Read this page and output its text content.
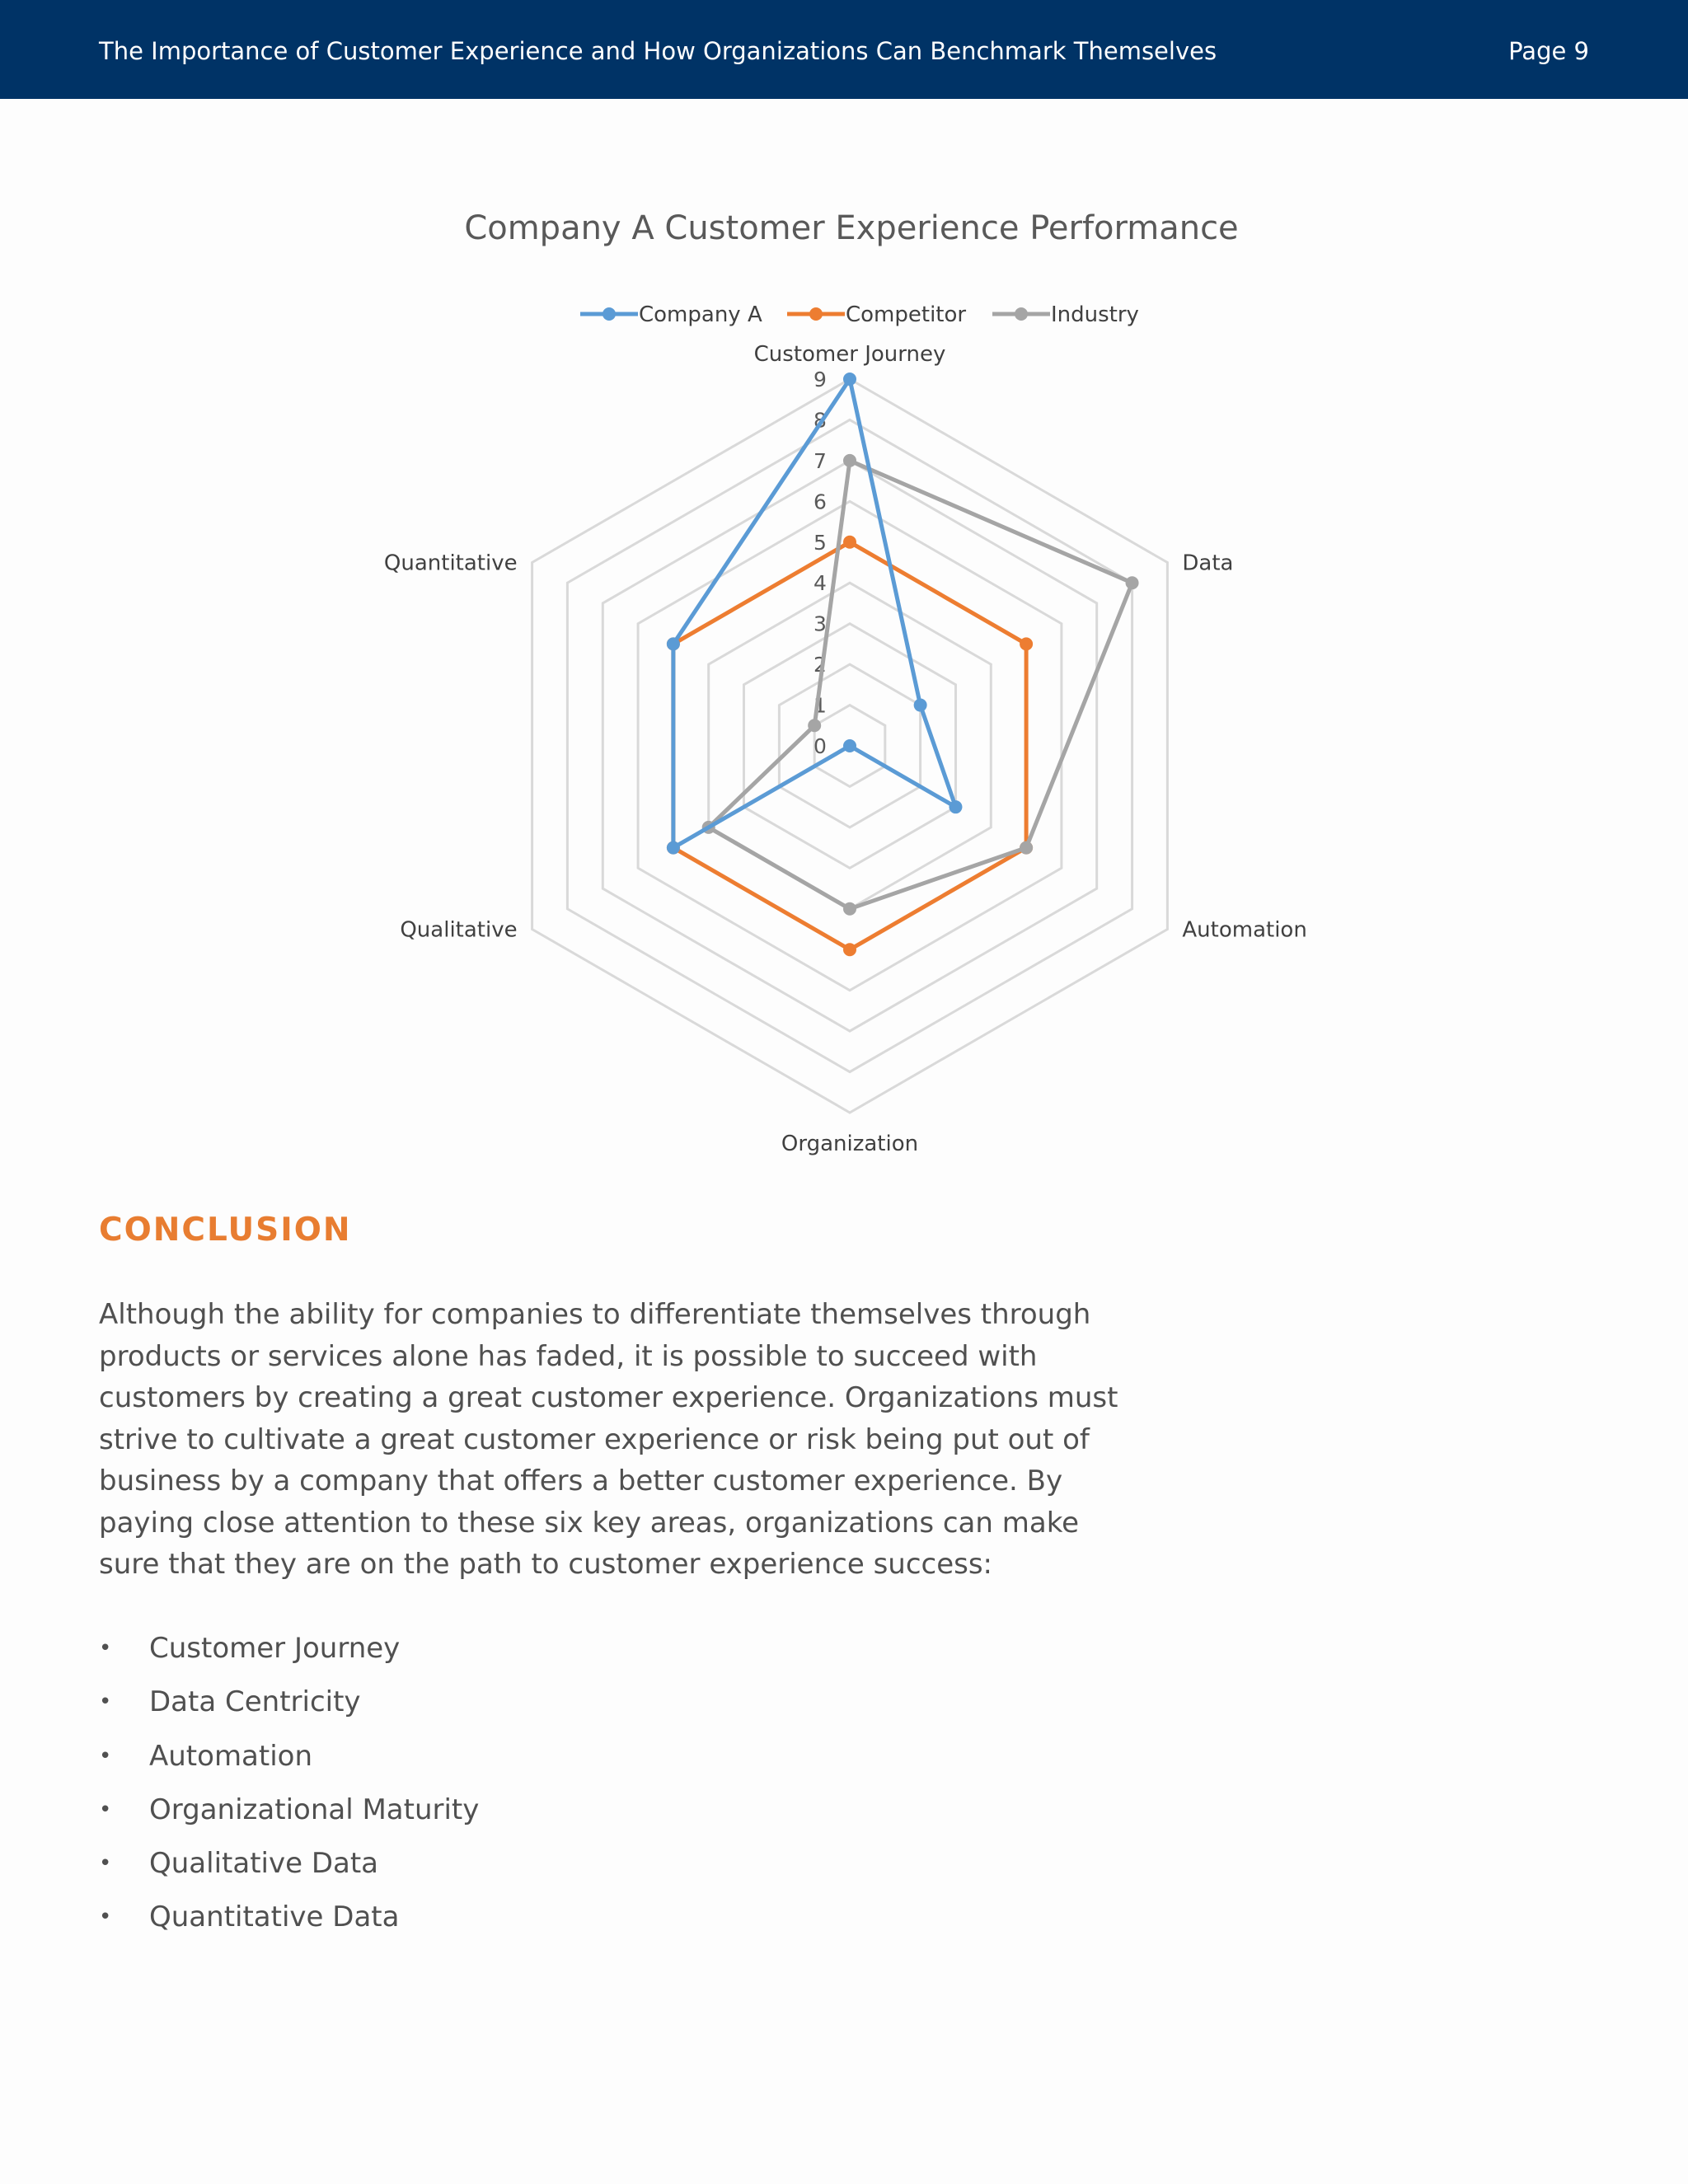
The Importance of Customer Experience and How Organizations Can Benchmark Themselves	Page 9
Company A Customer Experience Performance
Company A	Competitor	Industry
0
1
2
3
4
5
6
7
8
9
Customer Journey
Data
Automation
Organization
Qualitative
Quantitative
CONCLUSION

Although the ability for companies to differentiate themselves through products or services alone has faded, it is possible to succeed with customers by creating a great customer experience. Organizations must strive to cultivate a great customer experience or risk being put out of business by a company that offers a better customer experience. By paying close attention to these six key areas, organizations can make sure that they are on the path to customer experience success:

• Customer Journey
• Data Centricity
• Automation
• Organizational Maturity
• Qualitative Data
• Quantitative Data
